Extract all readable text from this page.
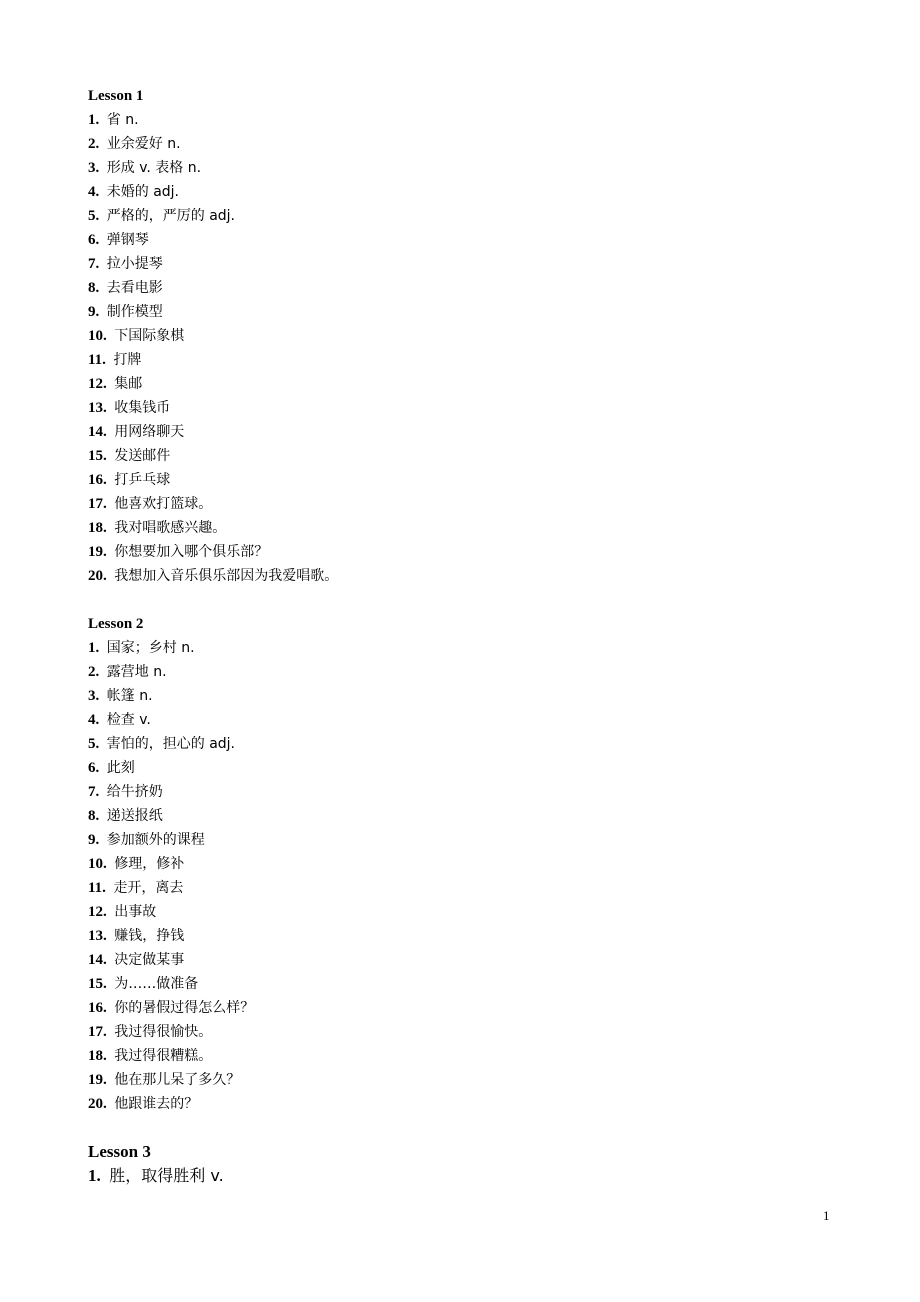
Lesson 1
1. 省 n.
2. 业余爱好 n.
3. 形成 v. 表格 n.
4. 未婚的 adj.
5. 严格的，严厉的 adj.
6. 弹钢琴
7. 拉小提琴
8. 去看电影
9. 制作模型
10. 下国际象棋
11. 打牌
12. 集邮
13. 收集钱币
14. 用网络聊天
15. 发送邮件
16. 打乒乓球
17. 他喜欢打篮球。
18. 我对唱歌感兴趣。
19. 你想要加入哪个俱乐部？
20. 我想加入音乐俱乐部因为我爱唱歌。
Lesson 2
1. 国家；乡村 n.
2. 露营地 n.
3. 帐篷 n.
4. 检查 v.
5. 害怕的，担心的 adj.
6. 此刻
7. 给牛挤奶
8. 递送报纸
9. 参加额外的课程
10. 修理，修补
11. 走开，离去
12. 出事故
13. 赚钱，挣钱
14. 决定做某事
15. 为……做准备
16. 你的暑假过得怎么样？
17. 我过得很愉快。
18. 我过得很糟糕。
19. 他在那儿呆了多久？
20. 他跟谁去的？
Lesson 3
1. 胜，取得胜利 v.
1
